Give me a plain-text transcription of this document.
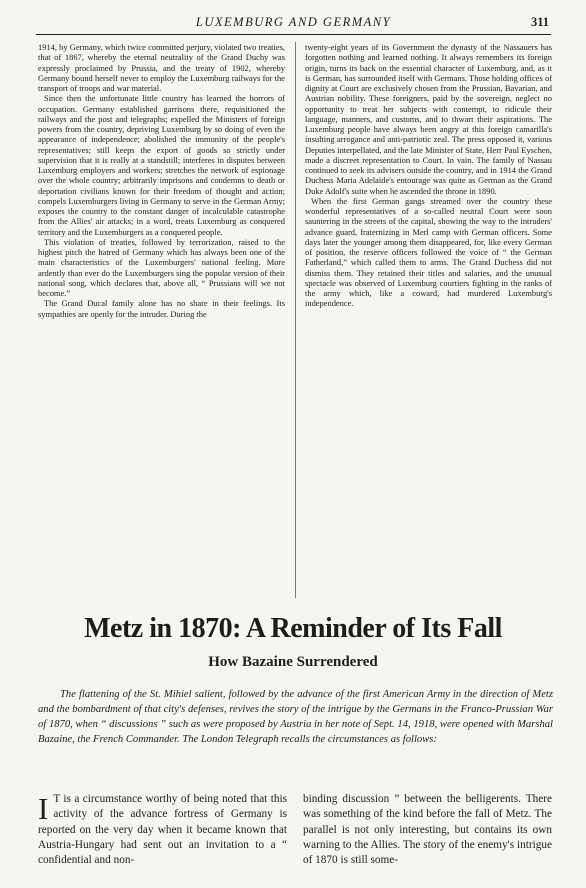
LUXEMBURG AND GERMANY	311

1914, by Germany, which twice committed perjury, violated two treaties, that of 1867, whereby the eternal neutrality of the Grand Duchy was expressly proclaimed by Prussia, and the treaty of 1902, whereby Germany bound herself never to employ the Luxemburg railways for the transport of troops and war material.

Since then the unfortunate little country has learned the horrors of occupation. Germany established garrisons there, requisitioned the railways and the post and telegraphs; expelled the Ministers of foreign powers from the country, depriving Luxemburg by so doing of even the appearance of independence; abolished the immunity of the people's representatives; still keeps the export of goods so strictly under supervision that it is really at a standstill; interferes in disputes between Luxemburg employers and workers; stretches the network of espionage over the whole country; arbitrarily imprisons and condemns to death or deportation civilians known for their freedom of thought and action; compels Luxemburgers living in Germany to serve in the German Army; exposes the country to the constant danger of incalculable catastrophe from the Allies' air attacks; in a word, treats Luxemburg as conquered territory and the Luxemburgers as a conquered people.

This violation of treaties, followed by terrorization, raised to the highest pitch the hatred of Germany which has always been one of the main characteristics of the Luxemburgers' national feeling. More ardently than ever do the Luxemburgers sing the popular version of their national song, which declares that, above all, “ Prussians will we not become.”

The Grand Ducal family alone has no share in their feelings. Its sympathies are openly for the intruder. During the

twenty-eight years of its Government the dynasty of the Nassauers has forgotten nothing and learned nothing. It always remembers its foreign origin, turns its back on the essential character of Luxemburg, and, as it is German, has surrounded itself with Germans. Those holding offices of dignity at Court are exclusively chosen from the Prussian, Bavarian, and Austrian nobility. These foreigners, paid by the sovereign, neglect no opportunity to treat her subjects with contempt, to ridicule their language, manners, and customs, and to thwart their aspirations. The Luxemburg people have always been angry at this foreign camarilla's insulting arrogance and anti-patriotic zeal. The press opposed it, various Deputies interpellated, and the late Minister of State, Herr Paul Eyschen, made a discreet representation to Court. In vain. The family of Nassau continued to seek its advisers outside the country, and in 1914 the Grand Duchess Maria Adelaide's entourage was quite as German as the Grand Duke Adolf's suite when he ascended the throne in 1890.

When the first German gangs streamed over the country these wonderful representatives of a so-called neutral Court were soon sauntering in the streets of the capital, showing the way to the intruders' advance guard, fraternizing in Merl camp with German officers. Some days later the younger among them disappeared, for, like every German of position, the reserve officers followed the voice of “ the German Fatherland,” which called them to arms. The Grand Duchess did not dismiss them. They retained their titles and salaries, and the unusual spectacle was observed of Luxemburg courtiers fighting in the ranks of the army which, like a coward, had murdered Luxemburg's independence.

Metz in 1870: A Reminder of Its Fall
How Bazaine Surrendered

The flattening of the St. Mihiel salient, followed by the advance of the first American Army in the direction of Metz and the bombardment of that city's defenses, revives the story of the intrigue by the Germans in the Franco-Prussian War of 1870, when “ discussions ” such as were proposed by Austria in her note of Sept. 14, 1918, were opened with Marshal Bazaine, the French Commander. The London Telegraph recalls the circumstances as follows:

I T is a circumstance worthy of being noted that this activity of the advance fortress of Germany is reported on the very day when it became known that Austria-Hungary had sent out an invitation to a “ confidential and non-

binding discussion ” between the belligerents. There was something of the kind before the fall of Metz. The parallel is not only interesting, but contains its own warning to the Allies. The story of the enemy's intrigue of 1870 is still some-
